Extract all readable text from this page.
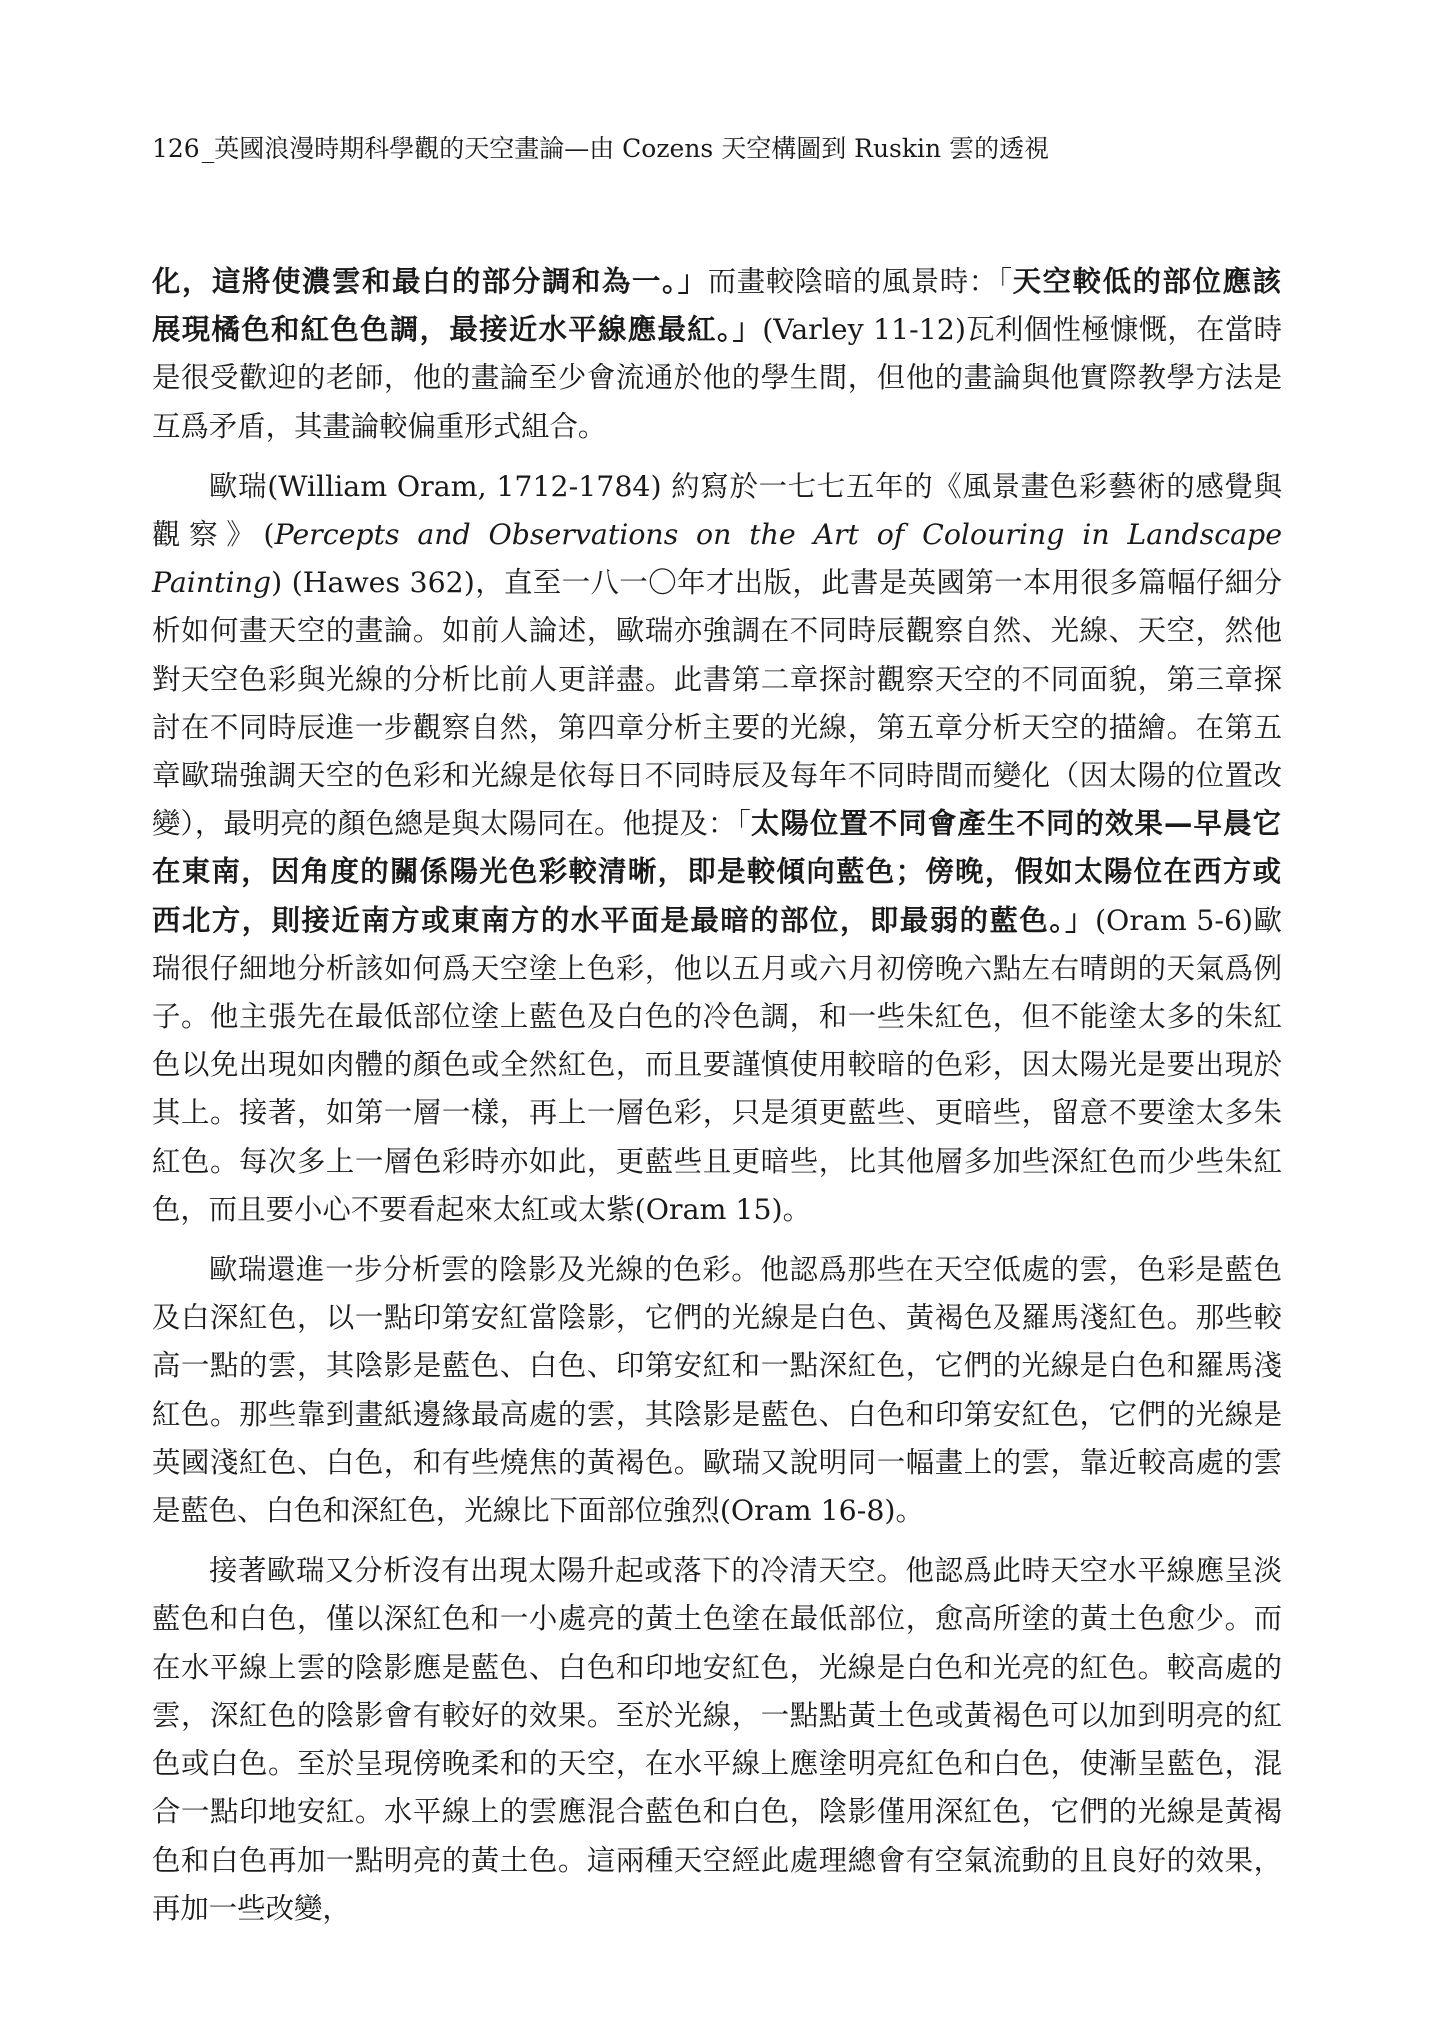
126_英國浪漫時期科學觀的天空畫論—由 Cozens 天空構圖到 Ruskin 雲的透視

化，這將使濃雲和最白的部分調和為一。」而畫較陰暗的風景時：「天空較低的部位應該展現橘色和紅色色調，最接近水平線應最紅。」(Varley 11-12)瓦利個性極慷慨，在當時是很受歡迎的老師，他的畫論至少會流通於他的學生間，但他的畫論與他實際教學方法是互爲矛盾，其畫論較偏重形式組合。

歐瑞(William Oram, 1712-1784) 約寫於一七七五年的《風景畫色彩藝術的感覺與觀察》(Percepts and Observations on the Art of Colouring in Landscape Painting) (Hawes 362)，直至一八一〇年才出版，此書是英國第一本用很多篇幅仔細分析如何畫天空的畫論。如前人論述，歐瑞亦強調在不同時辰觀察自然、光線、天空，然他對天空色彩與光線的分析比前人更詳盡。此書第二章探討觀察天空的不同面貌，第三章探討在不同時辰進一步觀察自然，第四章分析主要的光線，第五章分析天空的描繪。在第五章歐瑞強調天空的色彩和光線是依每日不同時辰及每年不同時間而變化（因太陽的位置改變），最明亮的顏色總是與太陽同在。他提及：「太陽位置不同會產生不同的效果—早晨它在東南，因角度的關係陽光色彩較清晰，即是較傾向藍色；傍晚，假如太陽位在西方或西北方，則接近南方或東南方的水平面是最暗的部位，即最弱的藍色。」(Oram 5-6)歐瑞很仔細地分析該如何爲天空塗上色彩，他以五月或六月初傍晚六點左右晴朗的天氣爲例子。他主張先在最低部位塗上藍色及白色的冷色調，和一些朱紅色，但不能塗太多的朱紅色以免出現如肉體的顏色或全然紅色，而且要謹慎使用較暗的色彩，因太陽光是要出現於其上。接著，如第一層一樣，再上一層色彩，只是須更藍些、更暗些，留意不要塗太多朱紅色。每次多上一層色彩時亦如此，更藍些且更暗些，比其他層多加些深紅色而少些朱紅色，而且要小心不要看起來太紅或太紫(Oram 15)。

歐瑞還進一步分析雲的陰影及光線的色彩。他認爲那些在天空低處的雲，色彩是藍色及白深紅色，以一點印第安紅當陰影，它們的光線是白色、黃褐色及羅馬淺紅色。那些較高一點的雲，其陰影是藍色、白色、印第安紅和一點深紅色，它們的光線是白色和羅馬淺紅色。那些靠到畫紙邊緣最高處的雲，其陰影是藍色、白色和印第安紅色，它們的光線是英國淺紅色、白色，和有些燒焦的黃褐色。歐瑞又說明同一幅畫上的雲，靠近較高處的雲是藍色、白色和深紅色，光線比下面部位強烈(Oram 16-8)。

接著歐瑞又分析沒有出現太陽升起或落下的冷清天空。他認爲此時天空水平線應呈淡藍色和白色，僅以深紅色和一小處亮的黃土色塗在最低部位，愈高所塗的黃土色愈少。而在水平線上雲的陰影應是藍色、白色和印地安紅色，光線是白色和光亮的紅色。較高處的雲，深紅色的陰影會有較好的效果。至於光線，一點點黃土色或黃褐色可以加到明亮的紅色或白色。至於呈現傍晚柔和的天空，在水平線上應塗明亮紅色和白色，使漸呈藍色，混合一點印地安紅。水平線上的雲應混合藍色和白色，陰影僅用深紅色，它們的光線是黃褐色和白色再加一點明亮的黃土色。這兩種天空經此處理總會有空氣流動的且良好的效果，再加一些改變，
